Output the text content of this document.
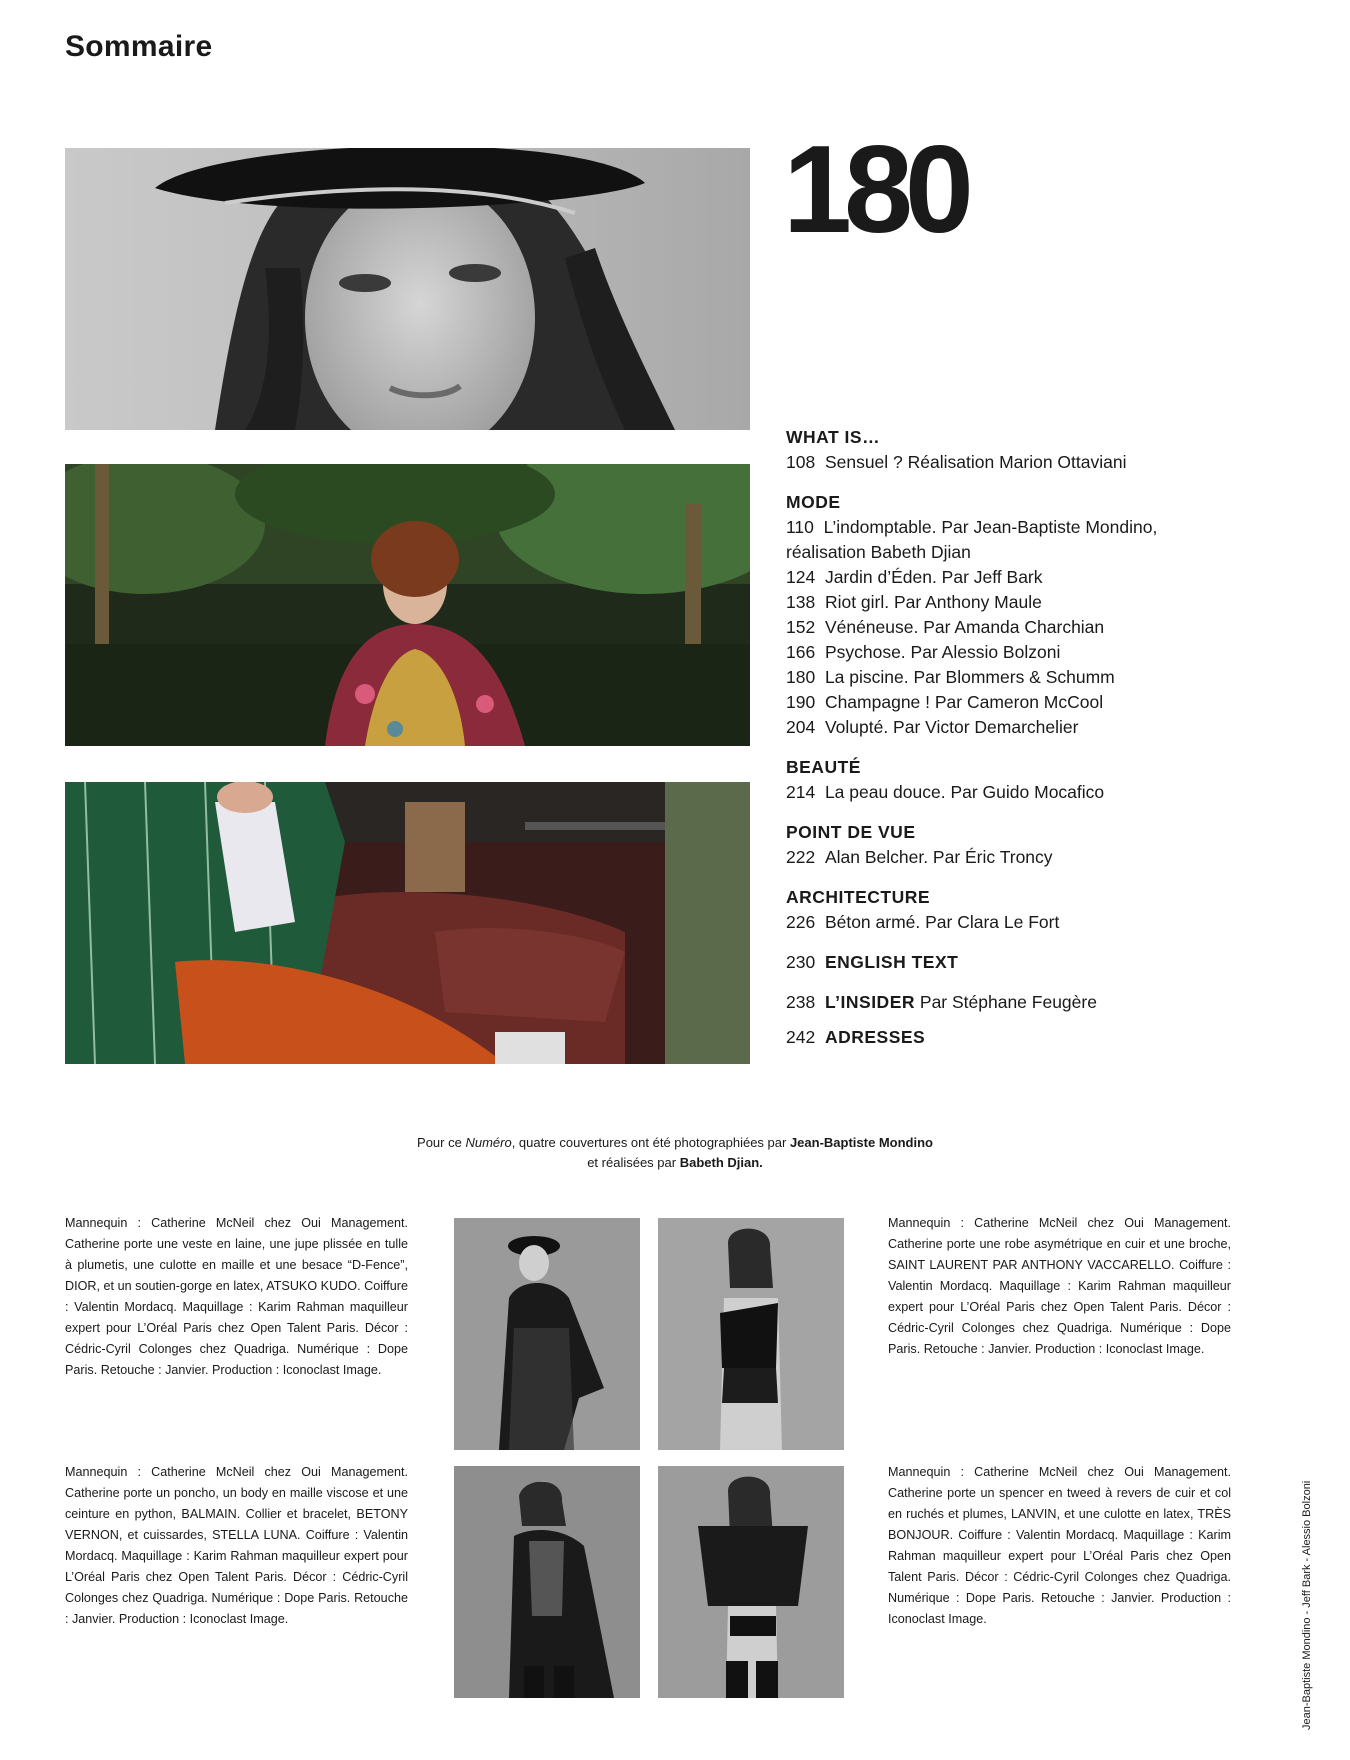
Sommaire
180
WHAT IS…
108 Sensuel ? Réalisation Marion Ottaviani
MODE
110 L’indomptable. Par Jean-Baptiste Mondino,
réalisation Babeth Djian
124 Jardin d’Éden. Par Jeff Bark
138 Riot girl. Par Anthony Maule
152 Vénéneuse. Par Amanda Charchian
166 Psychose. Par Alessio Bolzoni
180 La piscine. Par Blommers & Schumm
190 Champagne ! Par Cameron McCool
204 Volupté. Par Victor Demarchelier
BEAUTÉ
214 La peau douce. Par Guido Mocafico
POINT DE VUE
222 Alan Belcher. Par Éric Troncy
ARCHITECTURE
226 Béton armé. Par Clara Le Fort
230 ENGLISH TEXT
238 L’INSIDER Par Stéphane Feugère
242 ADRESSES
Pour ce Numéro, quatre couvertures ont été photographiées par Jean-Baptiste Mondino
et réalisées par Babeth Djian.
Mannequin : Catherine McNeil chez Oui Management. Catherine porte une veste en laine, une jupe plissée en tulle à plumetis, une culotte en maille et une besace “D-Fence”, DIOR, et un soutien-gorge en latex, ATSUKO KUDO. Coiffure : Valentin Mordacq. Maquillage : Karim Rahman maquilleur expert pour L’Oréal Paris chez Open Talent Paris. Décor : Cédric-Cyril Colonges chez Quadriga. Numérique : Dope Paris. Retouche : Janvier. Production : Iconoclast Image.
Mannequin : Catherine McNeil chez Oui Management. Catherine porte une robe asymétrique en cuir et une broche, SAINT LAURENT PAR ANTHONY VACCARELLO. Coiffure : Valentin Mordacq. Maquillage : Karim Rahman maquilleur expert pour L’Oréal Paris chez Open Talent Paris. Décor : Cédric-Cyril Colonges chez Quadriga. Numérique : Dope Paris. Retouche : Janvier. Production : Iconoclast Image.
Mannequin : Catherine McNeil chez Oui Management. Catherine porte un poncho, un body en maille viscose et une ceinture en python, BALMAIN. Collier et bracelet, BETONY VERNON, et cuissardes, STELLA LUNA. Coiffure : Valentin Mordacq. Maquillage : Karim Rahman maquilleur expert pour L’Oréal Paris chez Open Talent Paris. Décor : Cédric-Cyril Colonges chez Quadriga. Numérique : Dope Paris. Retouche : Janvier. Production : Iconoclast Image.
Mannequin : Catherine McNeil chez Oui Management. Catherine porte un spencer en tweed à revers de cuir et col en ruchés et plumes, LANVIN, et une culotte en latex, TRÈS BONJOUR. Coiffure : Valentin Mordacq. Maquillage : Karim Rahman maquilleur expert pour L’Oréal Paris chez Open Talent Paris. Décor : Cédric-Cyril Colonges chez Quadriga. Numérique : Dope Paris. Retouche : Janvier. Production : Iconoclast Image.	Jean-Baptiste Mondino - Jeff Bark - Alessio Bolzoni
